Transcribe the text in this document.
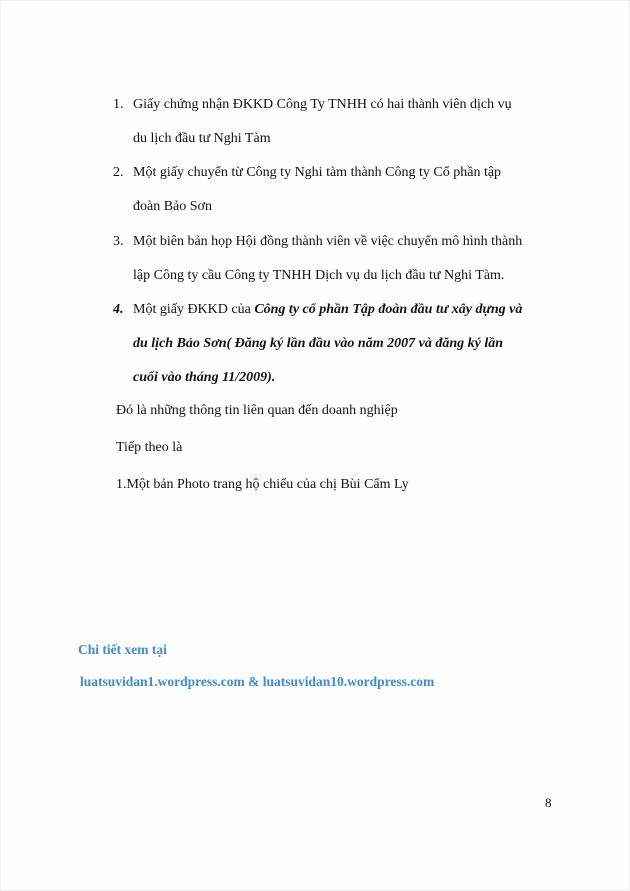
1. Giấy chứng nhận ĐKKD Công Ty TNHH có hai thành viên dịch vụ
du lịch đầu tư Nghi Tàm
2. Một giấy chuyển từ Công ty Nghi tàm thành Công ty Cổ phần tập
đoàn Bảo Sơn
3. Một biên bản họp Hội đồng thành viên về việc chuyển mô hình thành
lập Công ty cầu Công ty TNHH Dịch vụ du lịch đầu tư Nghi Tàm.
4. Một giấy ĐKKD của Công ty cổ phần Tập đoàn đầu tư xây dựng và
du lịch Bảo Sơn( Đăng ký lần đầu vào năm 2007 và đăng ký lần
cuối vào tháng 11/2009).
Đó là những thông tin liên quan đến doanh nghiệp
Tiếp theo là
1.Một bản Photo trang hộ chiếu của chị Bùi Cẩm Ly
Chi tiết xem tại
luatsuvidan1.wordpress.com & luatsuvidan10.wordpress.com
8
